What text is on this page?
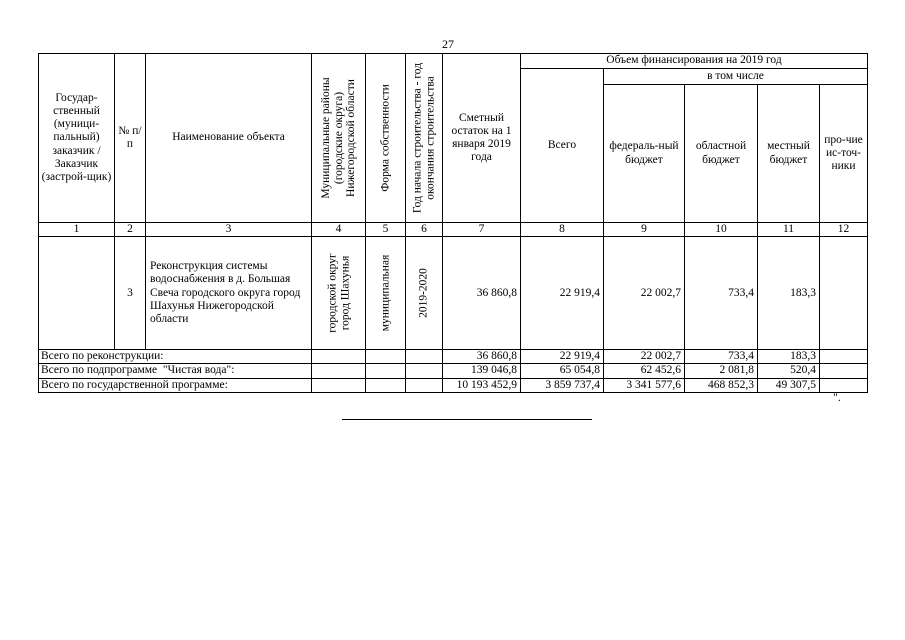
27
Государ-ственный (муници-пальный) заказчик / Заказчик (застрой-щик)	№ п/п	Наименование объекта	Муниципальные районы (городские округа) Нижегородской области	Форма собственности	Год начала строительства - год окончания строительства	Сметный остаток на 1 января 2019 года	Объем финансирования на 2019 год				
							Всего	в том числе			
								федераль-ный бюджет	областной бюджет	местный бюджет	про-чие ис-точ-ники
1	2	3	4	5	6	7	8	9	10	11	12
	3	Реконструкция системы водоснабжения в д. Большая Свеча городского округа город Шахунья Нижегородской области	городской округ город Шахунья	муниципальная	2019-2020	36 860,8	22 919,4	22 002,7	733,4	183,3	
Всего по реконструкции:						36 860,8	22 919,4	22 002,7	733,4	183,3	
Всего по подпрограмме  "Чистая вода":						139 046,8	65 054,8	62 452,6	2 081,8	520,4	
Всего по государственной программе:						10 193 452,9	3 859 737,4	3 341 577,6	468 852,3	49 307,5	
".
